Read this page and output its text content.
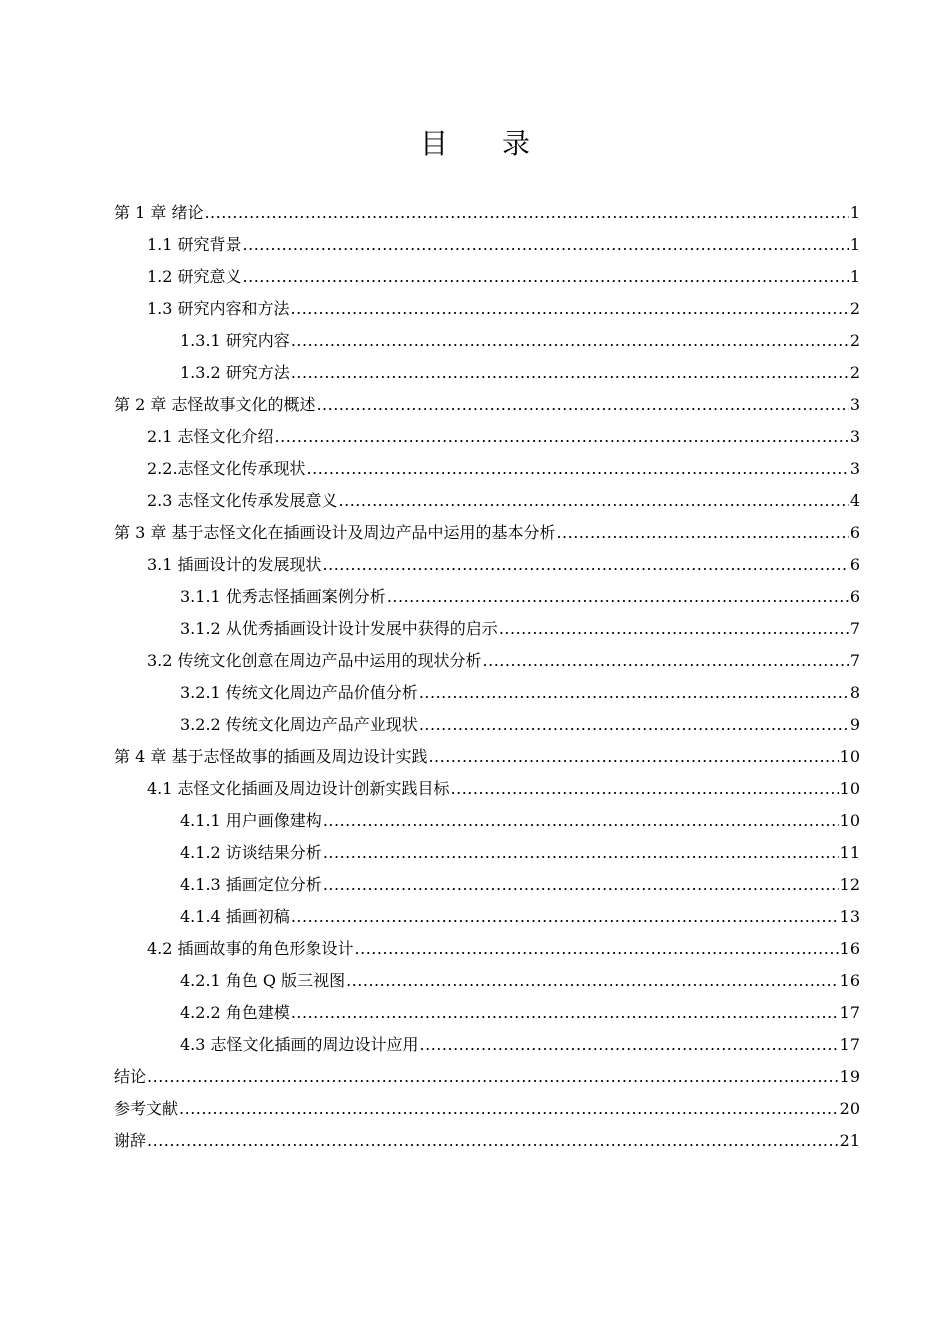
目录
第 1 章 绪论 .....	1
1.1 研究背景 .....	1
1.2 研究意义 .....	1
1.3 研究内容和方法 .....	2
1.3.1 研究内容 .....	2
1.3.2 研究方法 .....	2
第 2 章 志怪故事文化的概述 .....	3
2.1 志怪文化介绍 .....	3
2.2.志怪文化传承现状 .....	3
2.3 志怪文化传承发展意义 .....	4
第 3 章 基于志怪文化在插画设计及周边产品中运用的基本分析 .....	6
3.1 插画设计的发展现状 .....	6
3.1.1 优秀志怪插画案例分析 .....	6
3.1.2 从优秀插画设计设计发展中获得的启示 .....	7
3.2 传统文化创意在周边产品中运用的现状分析 .....	7
3.2.1 传统文化周边产品价值分析 .....	8
3.2.2 传统文化周边产品产业现状 .....	9
第 4 章 基于志怪故事的插画及周边设计实践 .....	10
4.1 志怪文化插画及周边设计创新实践目标 .....	10
4.1.1 用户画像建构 .....	10
4.1.2 访谈结果分析 .....	11
4.1.3 插画定位分析 .....	12
4.1.4 插画初稿 .....	13
4.2 插画故事的角色形象设计 .....	16
4.2.1 角色 Q 版三视图 .....	16
4.2.2 角色建模 .....	17
4.3 志怪文化插画的周边设计应用 .....	17
结论 .....	19
参考文献 .....	20
谢辞 .....	21
